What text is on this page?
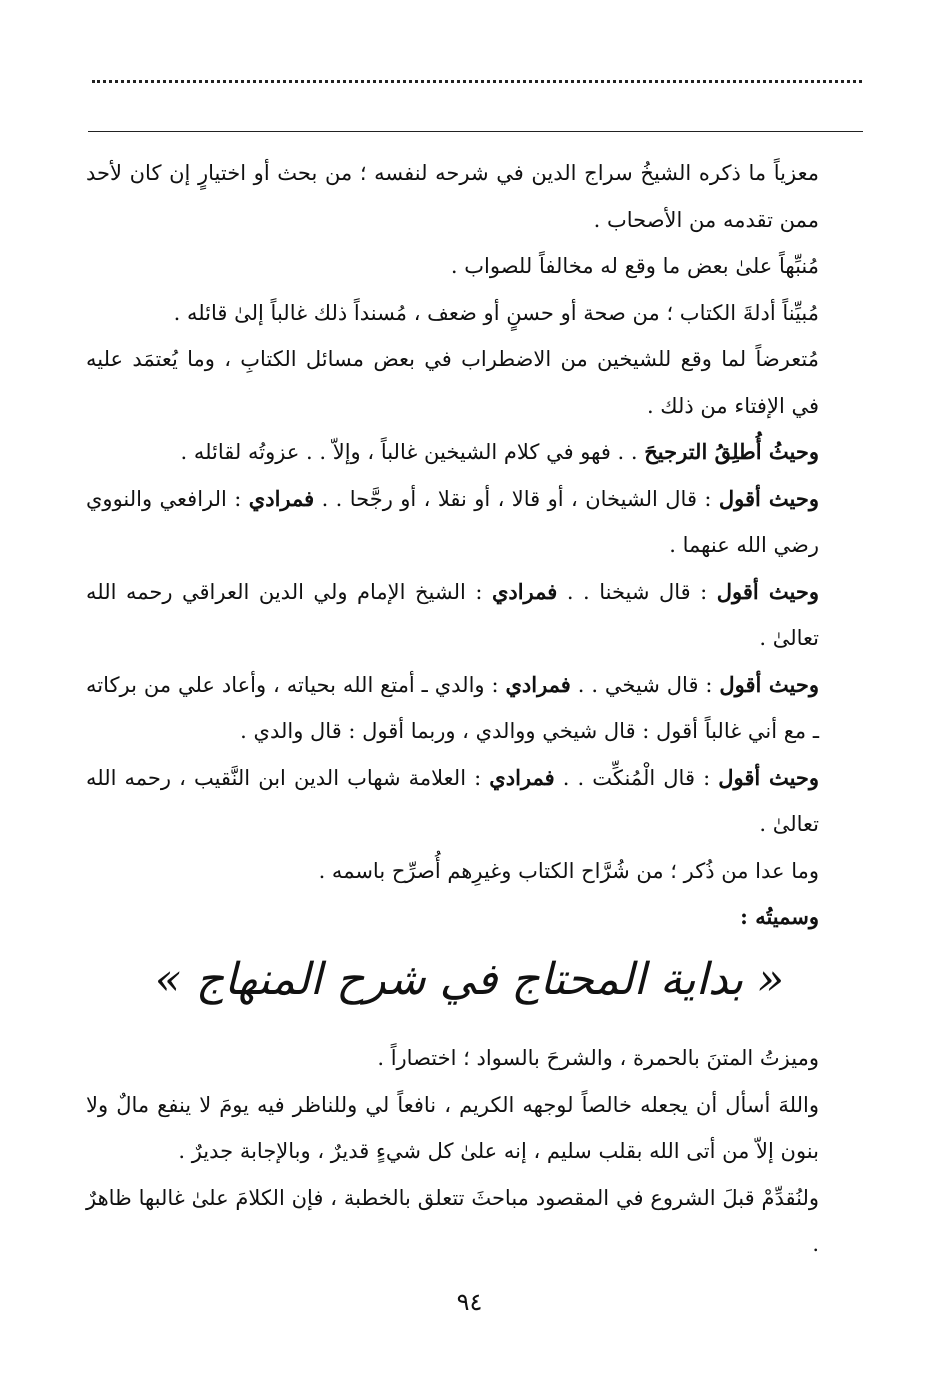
معزياً ما ذكره الشيخُ سراج الدين في شرحه لنفسه ؛ من بحث أو اختيارٍ إن كان لأحد ممن تقدمه من الأصحاب .

مُنبِّهاً علىٰ بعض ما وقع له مخالفاً للصواب .

مُبيِّناً أدلةَ الكتاب ؛ من صحة أو حسنٍ أو ضعف ، مُسنداً ذلك غالباً إلىٰ قائله .

مُتعرضاً لما وقع للشيخين من الاضطراب في بعض مسائل الكتابِ ، وما يُعتمَد عليه في الإفتاء من ذلك .

وحيثُ أُطلِقُ الترجيحَ . . فهو في كلام الشيخين غالباً ، وإلاّ . . عزوتُه لقائله .

وحيث أقول : قال الشيخان ، أو قالا ، أو نقلا ، أو رجَّحا . . فمرادي : الرافعي والنووي رضي الله عنهما .

وحيث أقول : قال شيخنا . . فمرادي : الشيخ الإمام ولي الدين العراقي رحمه الله تعالىٰ .

وحيث أقول : قال شيخي . . فمرادي : والدي ـ أمتع الله بحياته ، وأعاد علي من بركاته ـ مع أني غالباً أقول : قال شيخي ووالدي ، وربما أقول : قال والدي .

وحيث أقول : قال الْمُنكِّت . . فمرادي : العلامة شهاب الدين ابن النَّقيب ، رحمه الله تعالىٰ .

وما عدا من ذُكر ؛ من شُرَّاح الكتاب وغيرِهم أُصرِّح باسمه .

وسميتُه :

« بداية المحتاج في شرح المنهاج »

وميزتُ المتنَ بالحمرة ، والشرحَ بالسواد ؛ اختصاراً .

واللهَ أسأل أن يجعله خالصاً لوجهه الكريم ، نافعاً لي وللناظر فيه يومَ لا ينفع مالٌ ولا بنون إلاّ من أتى الله بقلب سليم ، إنه علىٰ كل شيءٍ قديرٌ ، وبالإجابة جديرٌ .

ولنُقدِّمْ قبلَ الشروع في المقصود مباحثَ تتعلق بالخطبة ، فإن الكلامَ علىٰ غالبها ظاهرٌ .

٩٤
